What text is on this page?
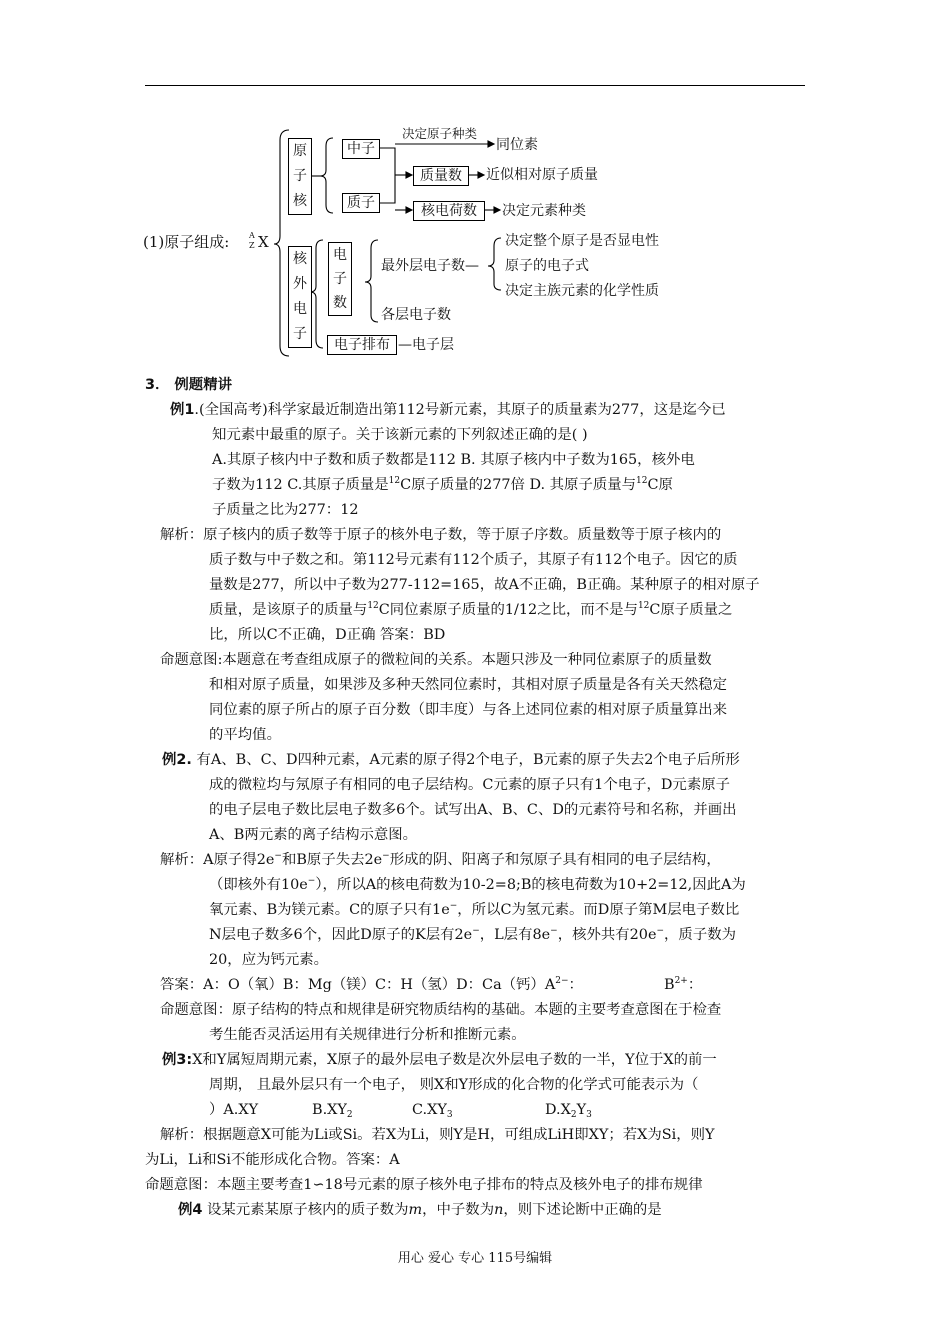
(1)原子组成: A
Z X
原
子
核
中子
质子
决定原子种类
同位素
质量数	近似相对原子质量
核电荷数	决定元素种类
核
外
电
子
电
子
数
最外层电子数—
决定整个原子是否显电性
原子的电子式
决定主族元素的化学性质
各层电子数
电子排布 —电子层
3． 例题精讲
例1.(全国高考)科学家最近制造出第112号新元素，其原子的质量素为277，这是迄今已
知元素中最重的原子。关于该新元素的下列叙述正确的是( )
A.其原子核内中子数和质子数都是112 B. 其原子核内中子数为165，核外电
子数为112 C.其原子质量是$^{12}$C原子质量的277倍 D. 其原子质量与$^{12}$C原
子质量之比为277：12
解析：原子核内的质子数等于原子的核外电子数，等于原子序数。质量数等于原子核内的
质子数与中子数之和。第112号元素有112个质子，其原子有112个电子。因它的质
量数是277，所以中子数为277-112=165，故A不正确，B正确。某种原子的相对原子
质量，是该原子的质量与$^{12}$C同位素原子质量的1/12之比，而不是与$^{12}$C原子质量之
比，所以C不正确，D正确 答案：BD
命题意图:本题意在考查组成原子的微粒间的关系。本题只涉及一种同位素原子的质量数
和相对原子质量，如果涉及多种天然同位素时，其相对原子质量是各有关天然稳定
同位素的原子所占的原子百分数（即丰度）与各上述同位素的相对原子质量算出来
的平均值。
例2. 有A、B、C、D四种元素，A元素的原子得2个电子，B元素的原子失去2个电子后所形
成的微粒均与氖原子有相同的电子层结构。C元素的原子只有1个电子，D元素原子
的电子层电子数比层电子数多6个。试写出A、B、C、D的元素符号和名称，并画出
A、B两元素的离子结构示意图。
解析：A原子得2e−和B原子失去2e−形成的阴、阳离子和氖原子具有相同的电子层结构，
（即核外有10e−），所以A的核电荷数为10-2=8;B的核电荷数为10+2=12,因此A为
氧元素、B为镁元素。C的原子只有1e−，所以C为氢元素。而D原子第M层电子数比
N层电子数多6个，因此D原子的K层有2e−，L层有8e−，核外共有20e−，质子数为
20，应为钙元素。
答案：A：O（氧）B：Mg（镁）C：H（氢）D：Ca（钙）$A^{2-}$：	$B^{2+}$：
命题意图：原子结构的特点和规律是研究物质结构的基础。本题的主要考查意图在于检查
考生能否灵活运用有关规律进行分析和推断元素。
例3:X和Y属短周期元素，X原子的最外层电子数是次外层电子数的一半，Y位于X的前一
周期， 且最外层只有一个电子， 则X和Y形成的化合物的化学式可能表示为（
）A.XY	$B.XY_2$	$C.XY_3$	$D.X_2Y_3$
解析：根据题意X可能为Li或Si。若X为Li，则Y是H，可组成LiH即XY；若X为Si，则Y
为Li，Li和Si不能形成化合物。答案：A
命题意图：本题主要考查1∽18号元素的原子核外电子排布的特点及核外电子的排布规律
例4 设某元素某原子核内的质子数为m，中子数为n，则下述论断中正确的是
用心 爱心 专心 115号编辑
